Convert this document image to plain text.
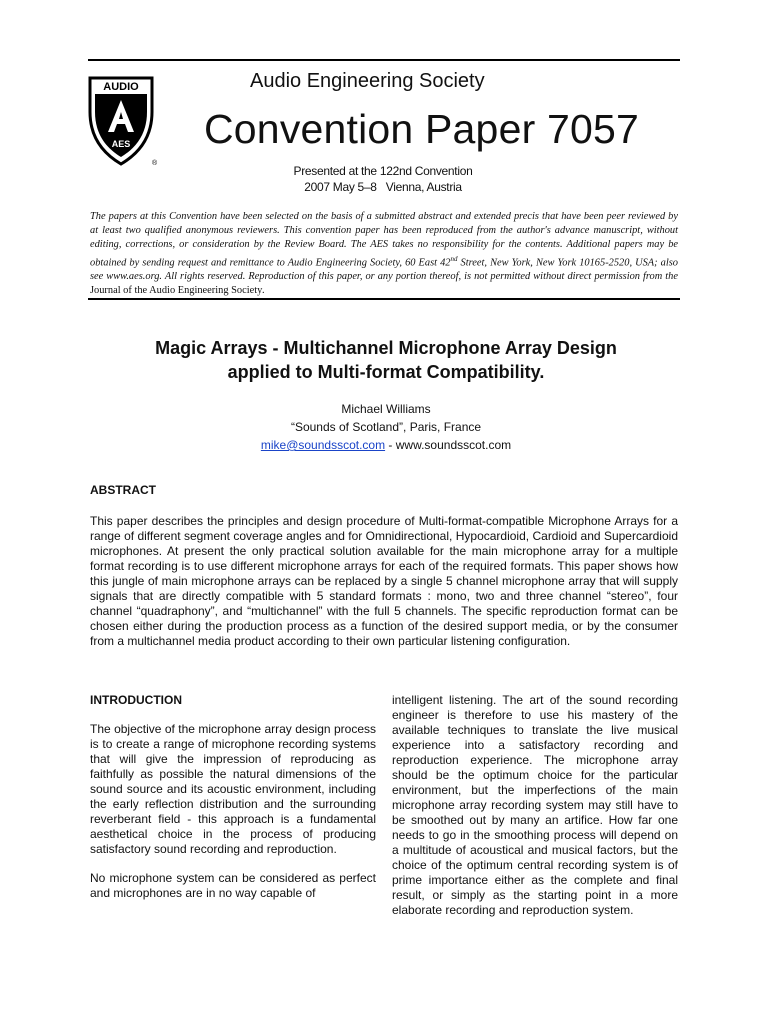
AUDIO
AES
®
Audio Engineering Society
Convention Paper 7057
Presented at the 122nd Convention
2007 May 5–8   Vienna, Austria
The papers at this Convention have been selected on the basis of a submitted abstract and extended precis that have been peer reviewed by at least two qualified anonymous reviewers. This convention paper has been reproduced from the author's advance manuscript, without editing, corrections, or consideration by the Review Board. The AES takes no responsibility for the contents. Additional papers may be obtained by sending request and remittance to Audio Engineering Society, 60 East 42nd Street, New York, New York 10165-2520, USA; also see www.aes.org. All rights reserved. Reproduction of this paper, or any portion thereof, is not permitted without direct permission from the Journal of the Audio Engineering Society.
Magic Arrays - Multichannel Microphone Array Design
applied to Multi-format Compatibility.
Michael Williams
“Sounds of Scotland”, Paris, France
mike@soundsscot.com - www.soundsscot.com
ABSTRACT
This paper describes the principles and design procedure of Multi-format-compatible Microphone Arrays for a range of different segment coverage angles and for Omnidirectional, Hypocardioid, Cardioid and Supercardioid microphones. At present the only practical solution available for the main microphone array for a multiple format recording is to use different microphone arrays for each of the required formats. This paper shows how this jungle of main microphone arrays can be replaced by a single 5 channel microphone array that will supply signals that are directly compatible with 5 standard formats : mono, two and three channel “stereo”, four channel “quadraphony”, and “multichannel” with the full 5 channels. The specific reproduction format can be chosen either during the production process as a function of the desired support media, or by the consumer from a multichannel media product according to their own particular listening configuration.
INTRODUCTION

The objective of the microphone array design process is to create a range of microphone recording systems that will give the impression of reproducing as faithfully as possible the natural dimensions of the sound source and its acoustic environment, including the early reflection distribution and the surrounding reverberant field - this approach is a fundamental aesthetical choice in the process of producing satisfactory sound recording and reproduction.

No microphone system can be considered as perfect and microphones are in no way capable of

intelligent listening. The art of the sound recording engineer is therefore to use his mastery of the available techniques to translate the live musical experience into a satisfactory recording and reproduction experience. The microphone array should be the optimum choice for the particular environment, but the imperfections of the main microphone array recording system may still have to be smoothed out by many an artifice. How far one needs to go in the smoothing process will depend on a multitude of acoustical and musical factors, but the choice of the optimum central recording system is of prime importance either as the complete and final result, or simply as the starting point in a more elaborate recording and reproduction system.
